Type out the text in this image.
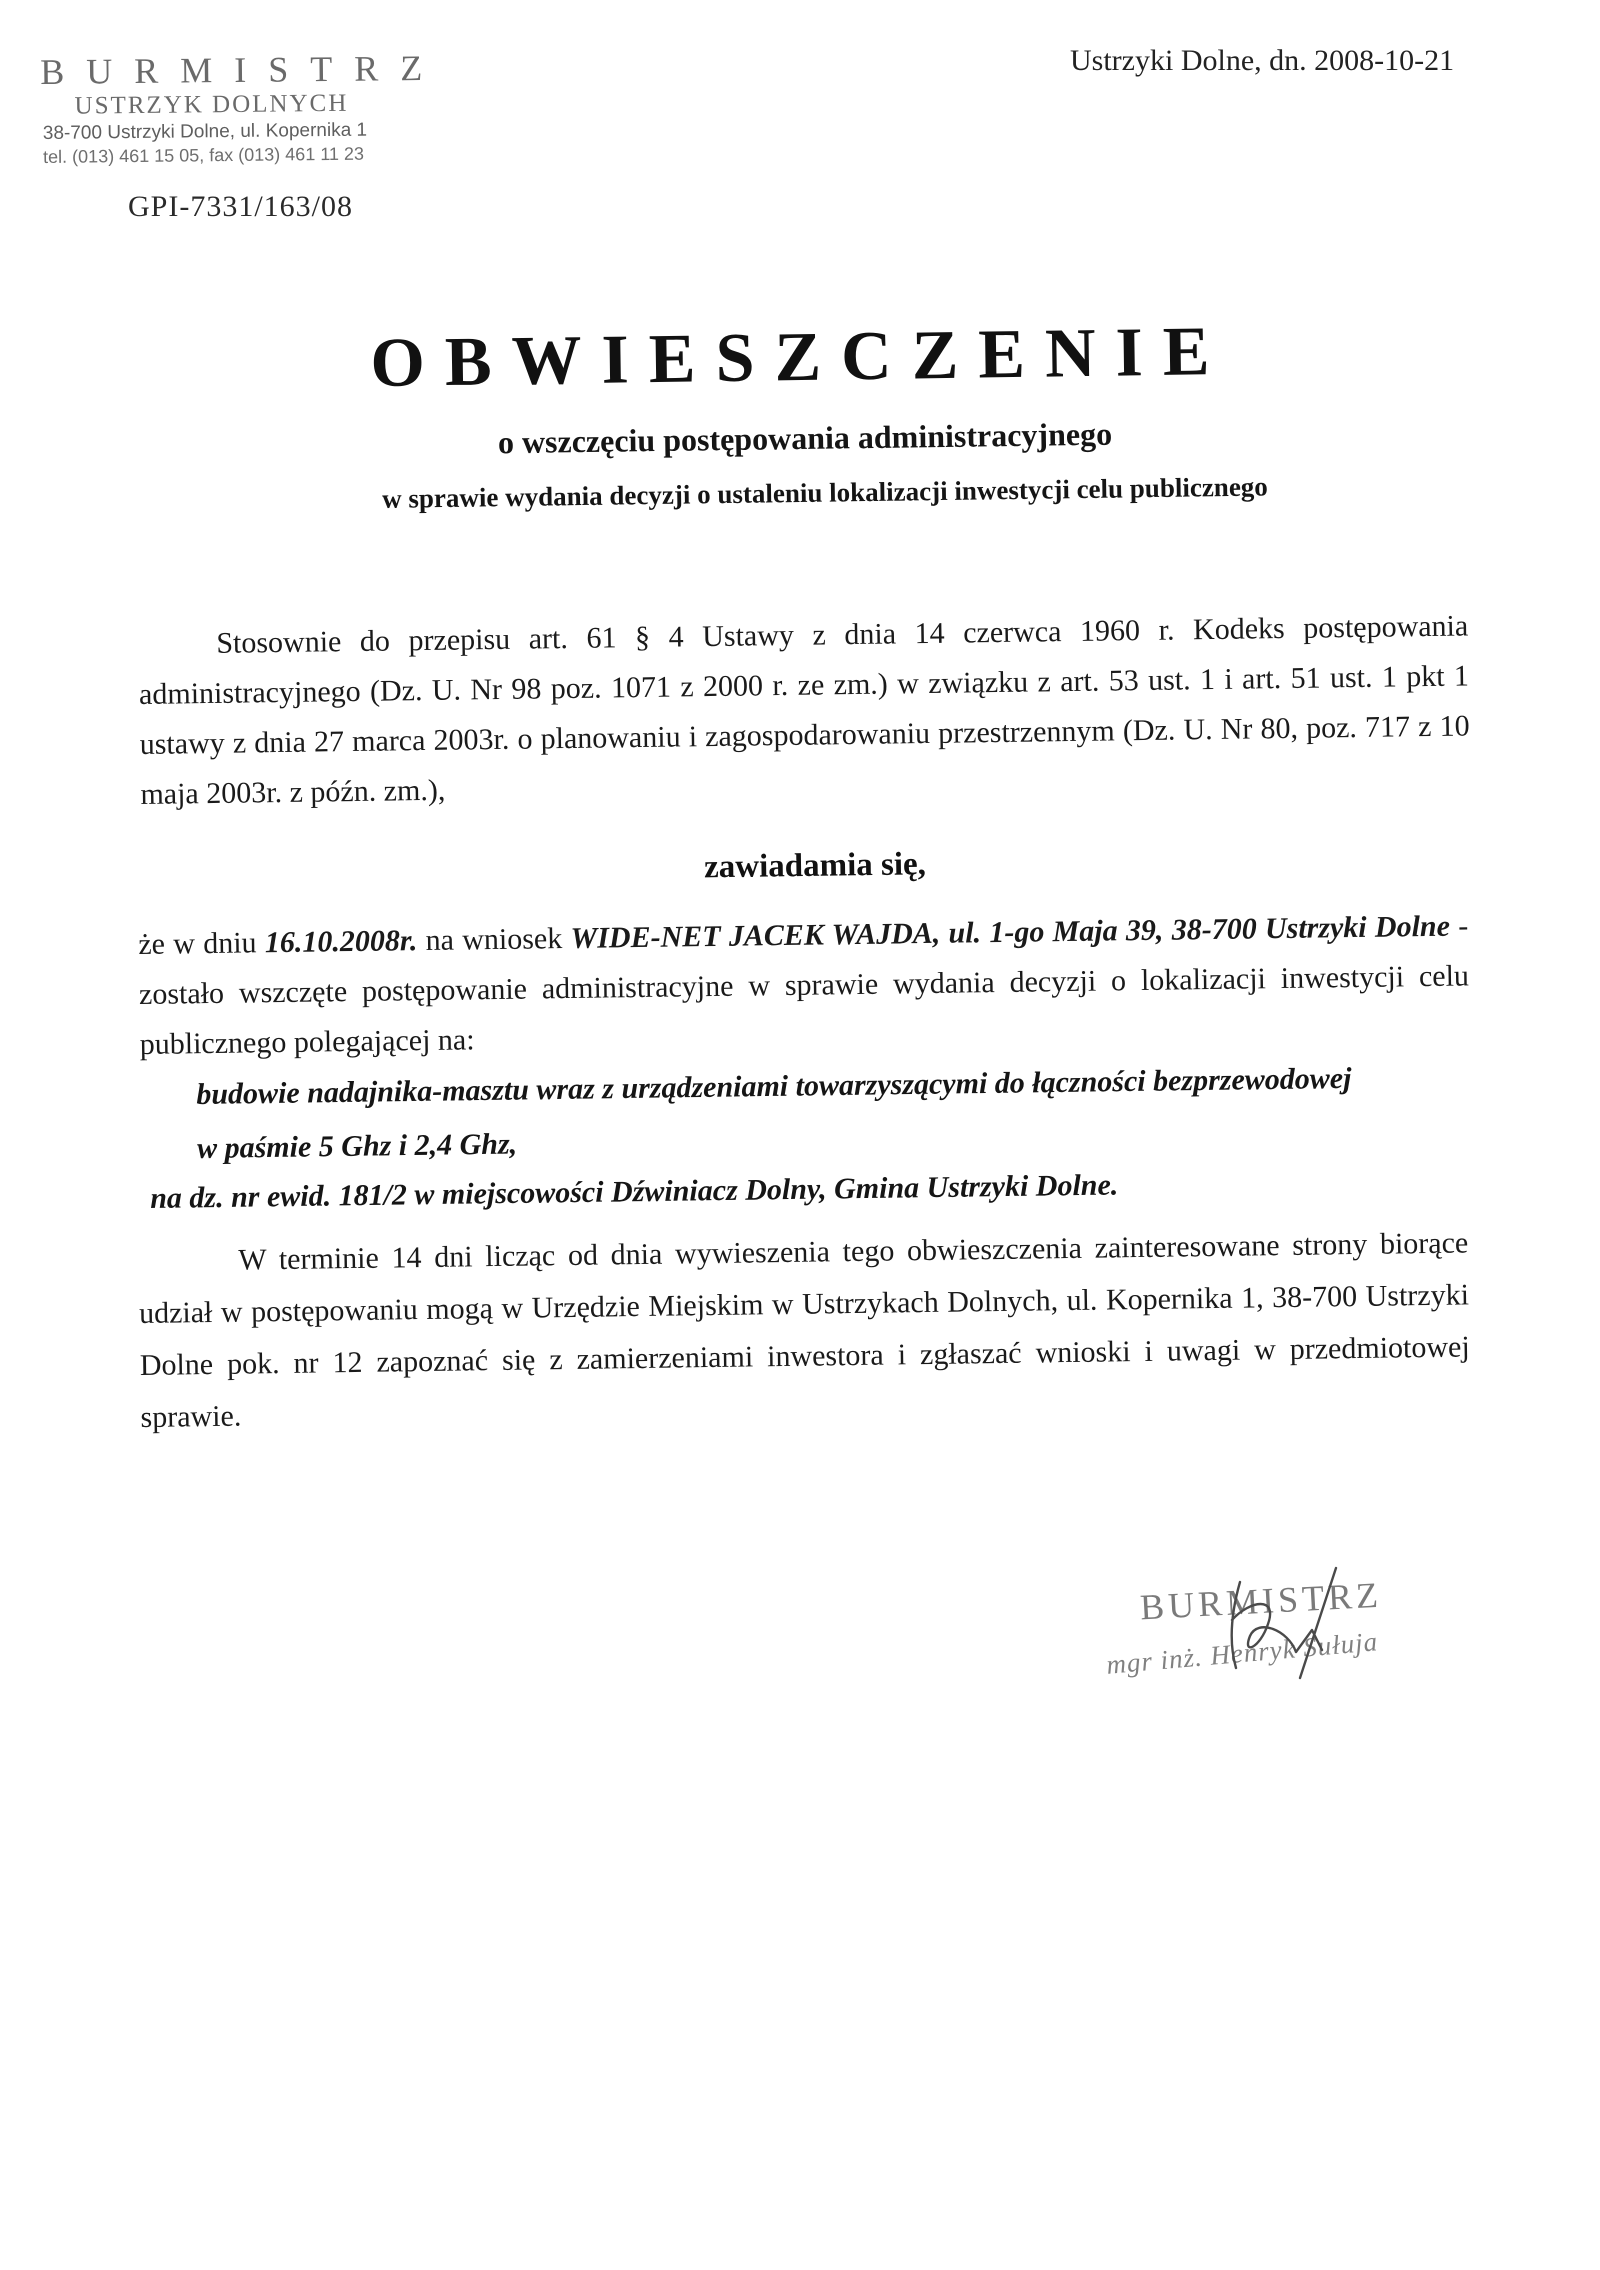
BURMISTRZ
USTRZYK DOLNYCH
38-700 Ustrzyki Dolne, ul. Kopernika 1
tel. (013) 461 15 05, fax (013) 461 11 23
GPI-7331/163/08
Ustrzyki Dolne, dn. 2008-10-21
OBWIESZCZENIE
o wszczęciu postępowania administracyjnego
w sprawie wydania decyzji o ustaleniu lokalizacji inwestycji celu publicznego
Stosownie do przepisu art. 61 § 4 Ustawy z dnia 14 czerwca 1960 r. Kodeks postępowania administracyjnego (Dz. U. Nr 98 poz. 1071 z 2000 r. ze zm.) w związku z art. 53 ust. 1 i art. 51 ust. 1 pkt 1 ustawy z dnia 27 marca 2003r. o planowaniu i zagospodarowaniu przestrzennym (Dz. U. Nr 80, poz. 717 z 10 maja 2003r. z późn. zm.),
zawiadamia się,
że w dniu 16.10.2008r. na wniosek WIDE-NET JACEK WAJDA, ul. 1-go Maja 39, 38-700 Ustrzyki Dolne - zostało wszczęte postępowanie administracyjne w sprawie wydania decyzji o lokalizacji inwestycji celu publicznego polegającej na:
budowie nadajnika-masztu wraz z urządzeniami towarzyszącymi do łączności bezprzewodowej w paśmie 5 Ghz i 2,4 Ghz,
na dz. nr ewid. 181/2 w miejscowości Dźwiniacz Dolny, Gmina Ustrzyki Dolne.
W terminie 14 dni licząc od dnia wywieszenia tego obwieszczenia zainteresowane strony biorące udział w postępowaniu mogą w Urzędzie Miejskim w Ustrzykach Dolnych, ul. Kopernika 1, 38-700 Ustrzyki Dolne pok. nr 12 zapoznać się z zamierzeniami inwestora i zgłaszać wnioski i uwagi w przedmiotowej sprawie.
BURMISTRZ
mgr inż. Henryk Sułuja
